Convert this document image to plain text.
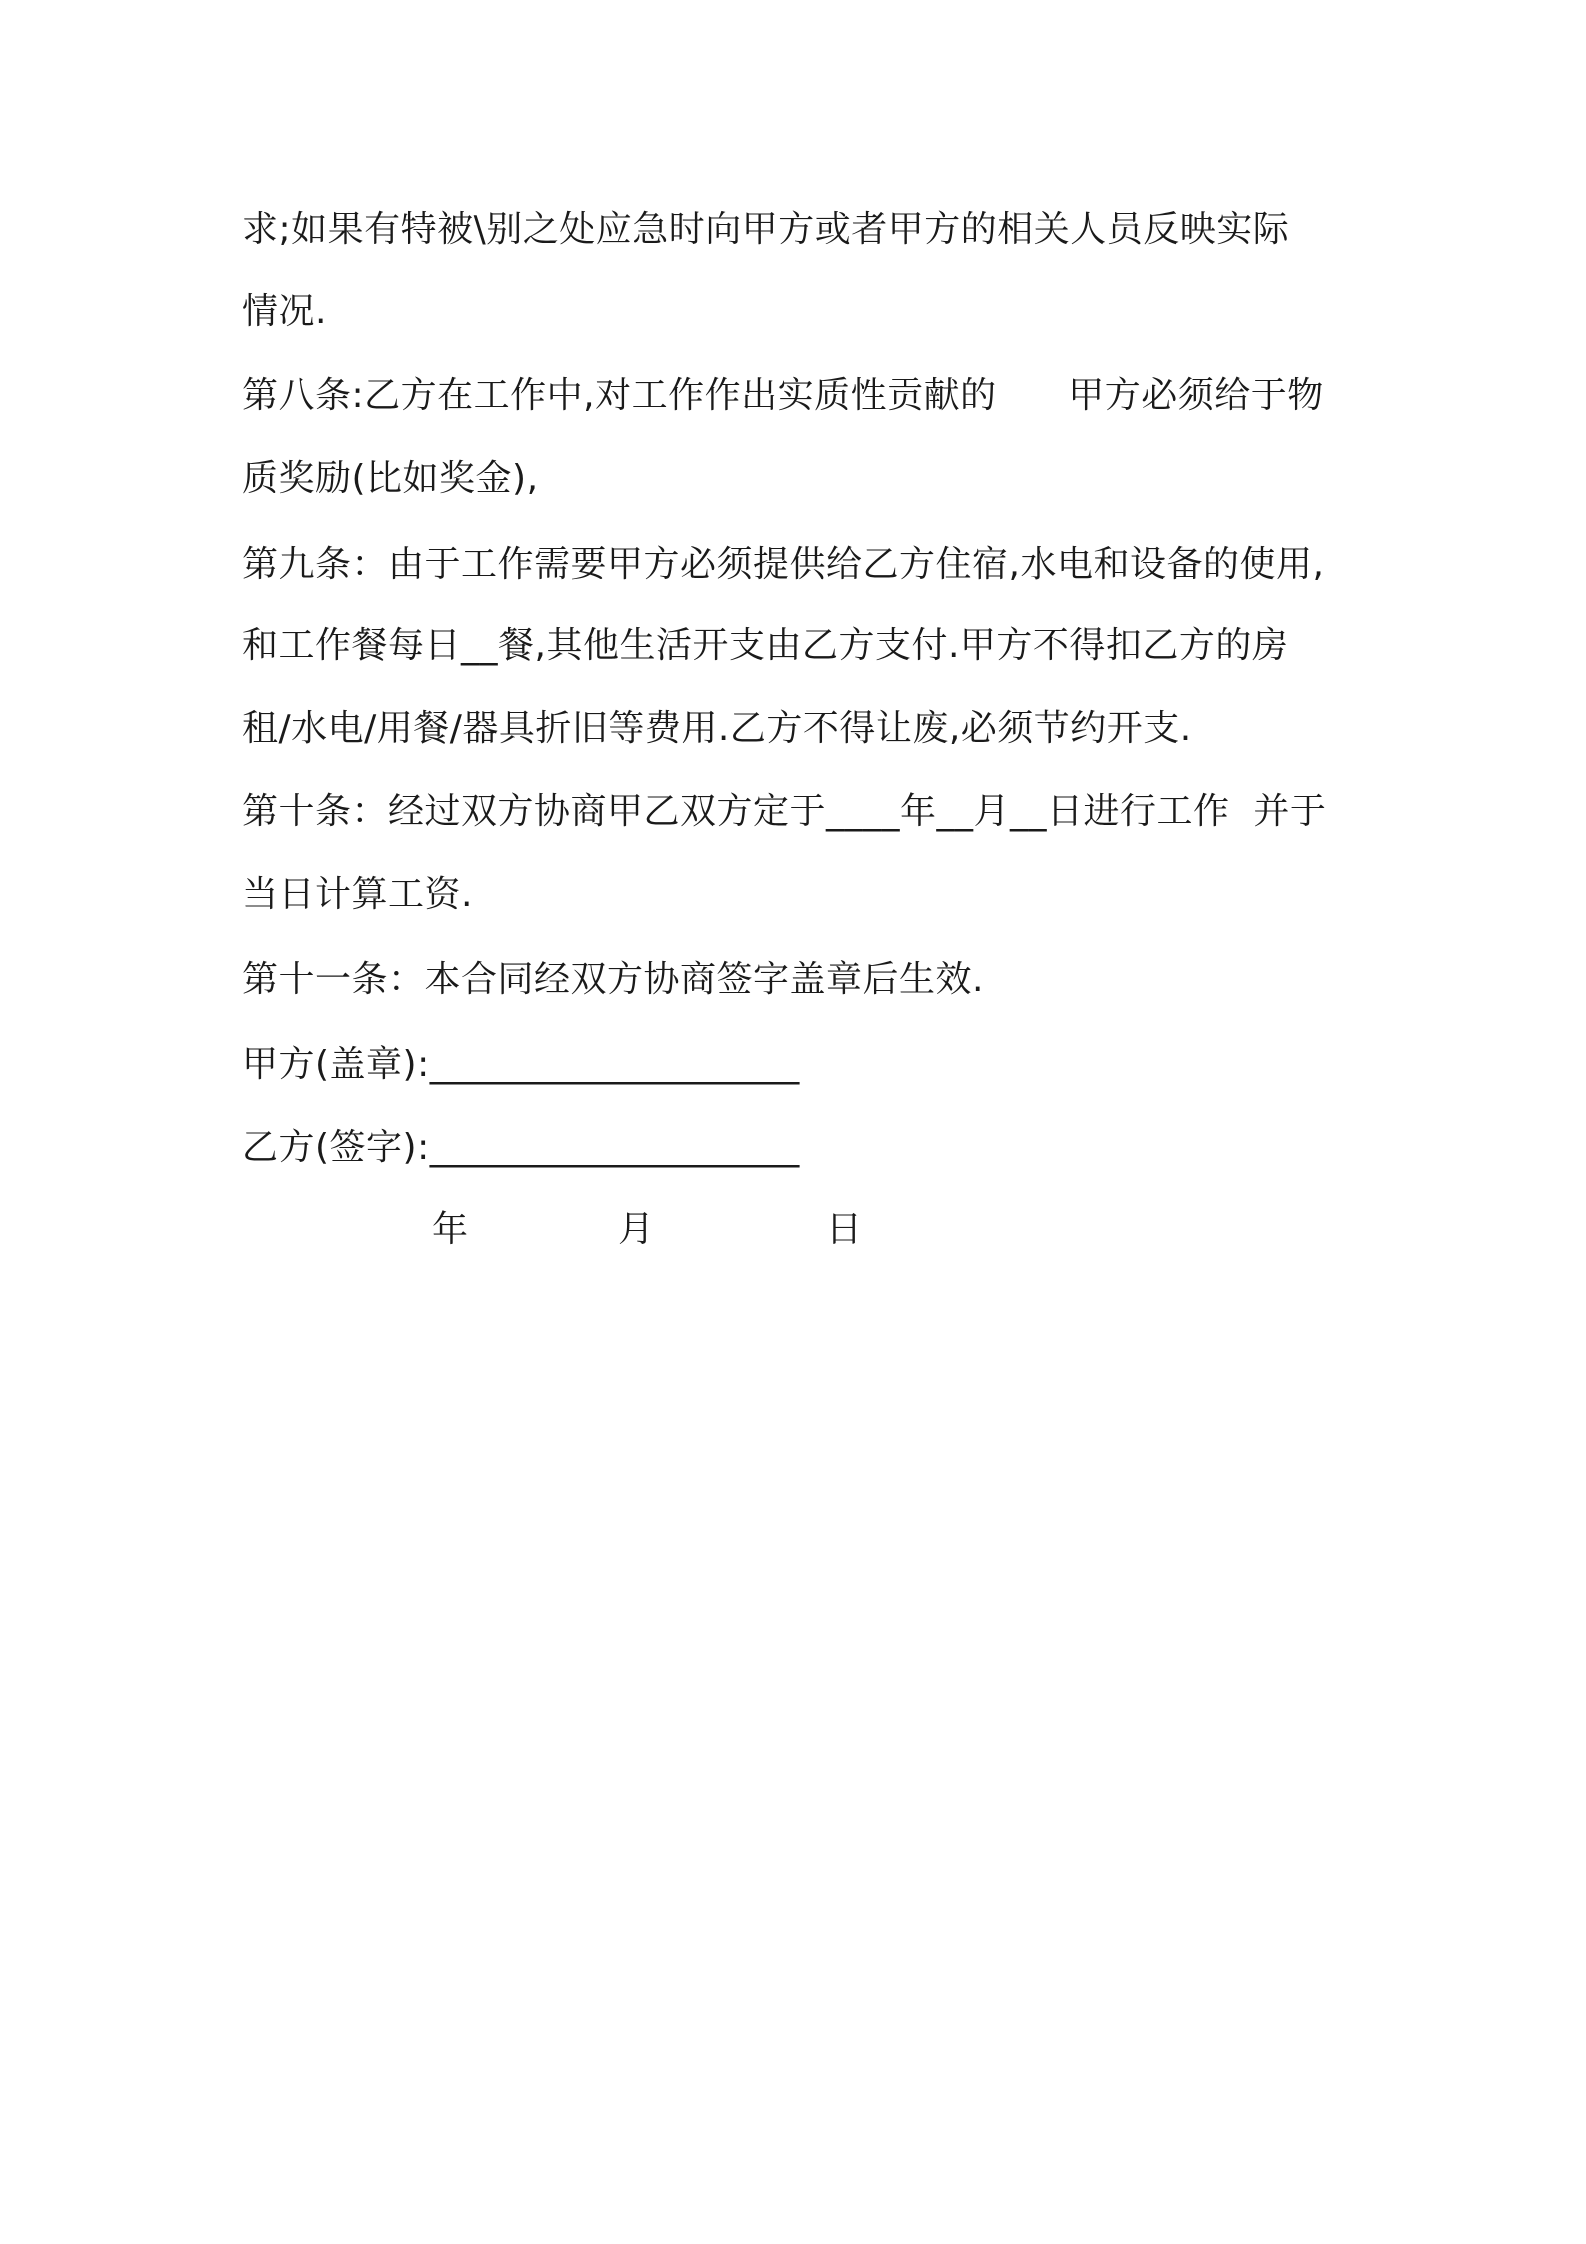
求;如果有特被\别之处应急时向甲方或者甲方的相关人员反映实际
情况.
第八条:乙方在工作中,对工作作出实质性贡献的      甲方必须给于物
质奖励(比如奖金),
第九条：由于工作需要甲方必须提供给乙方住宿,水电和设备的使用,
和工作餐每日__餐,其他生活开支由乙方支付.甲方不得扣乙方的房
租/水电/用餐/器具折旧等费用.乙方不得让废,必须节约开支.
第十条：经过双方协商甲乙双方定于____年__月__日进行工作  并于
当日计算工资.
第十一条：本合同经双方协商签字盖章后生效.
甲方(盖章):____________________
乙方(签字):____________________
年	月	日
